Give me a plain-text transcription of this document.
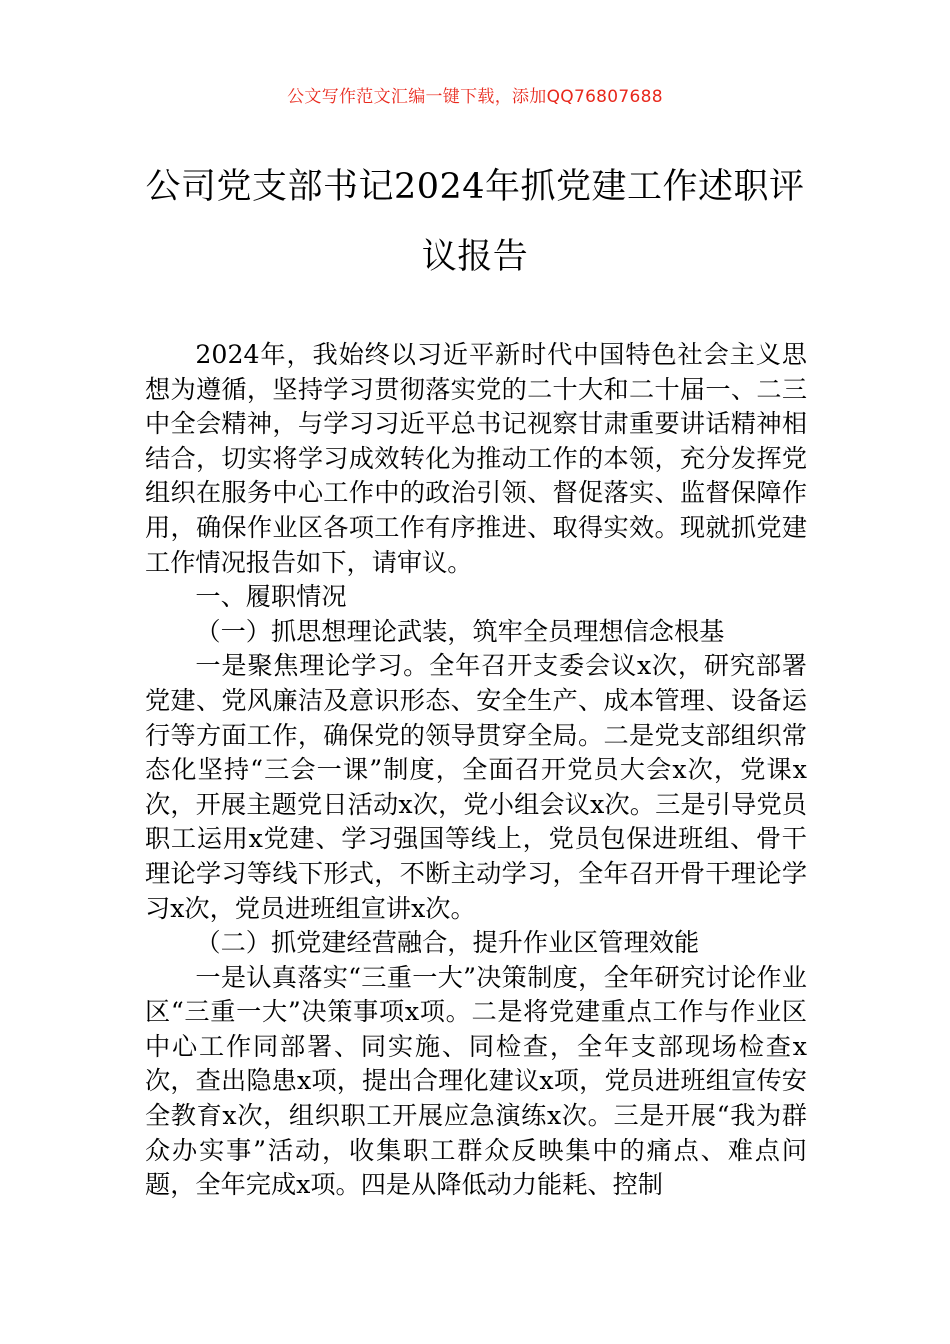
公文写作范文汇编一键下载，添加QQ76807688
公司党支部书记2024年抓党建工作述职评议报告

2024年，我始终以习近平新时代中国特色社会主义思想为遵循，坚持学习贯彻落实党的二十大和二十届一、二三中全会精神，与学习习近平总书记视察甘肃重要讲话精神相结合，切实将学习成效转化为推动工作的本领，充分发挥党组织在服务中心工作中的政治引领、督促落实、监督保障作用，确保作业区各项工作有序推进、取得实效。现就抓党建工作情况报告如下，请审议。

一、履职情况

（一）抓思想理论武装，筑牢全员理想信念根基

一是聚焦理论学习。全年召开支委会议x次，研究部署党建、党风廉洁及意识形态、安全生产、成本管理、设备运行等方面工作，确保党的领导贯穿全局。二是党支部组织常态化坚持“三会一课”制度，全面召开党员大会x次，党课x次，开展主题党日活动x次，党小组会议x次。三是引导党员职工运用x党建、学习强国等线上，党员包保进班组、骨干理论学习等线下形式，不断主动学习，全年召开骨干理论学习x次，党员进班组宣讲x次。

（二）抓党建经营融合，提升作业区管理效能

一是认真落实“三重一大”决策制度，全年研究讨论作业区“三重一大”决策事项x项。二是将党建重点工作与作业区中心工作同部署、同实施、同检查，全年支部现场检查x次，查出隐患x项，提出合理化建议x项，党员进班组宣传安全教育x次，组织职工开展应急演练x次。三是开展“我为群众办实事”活动，收集职工群众反映集中的痛点、难点问题，全年完成x项。四是从降低动力能耗、控制
